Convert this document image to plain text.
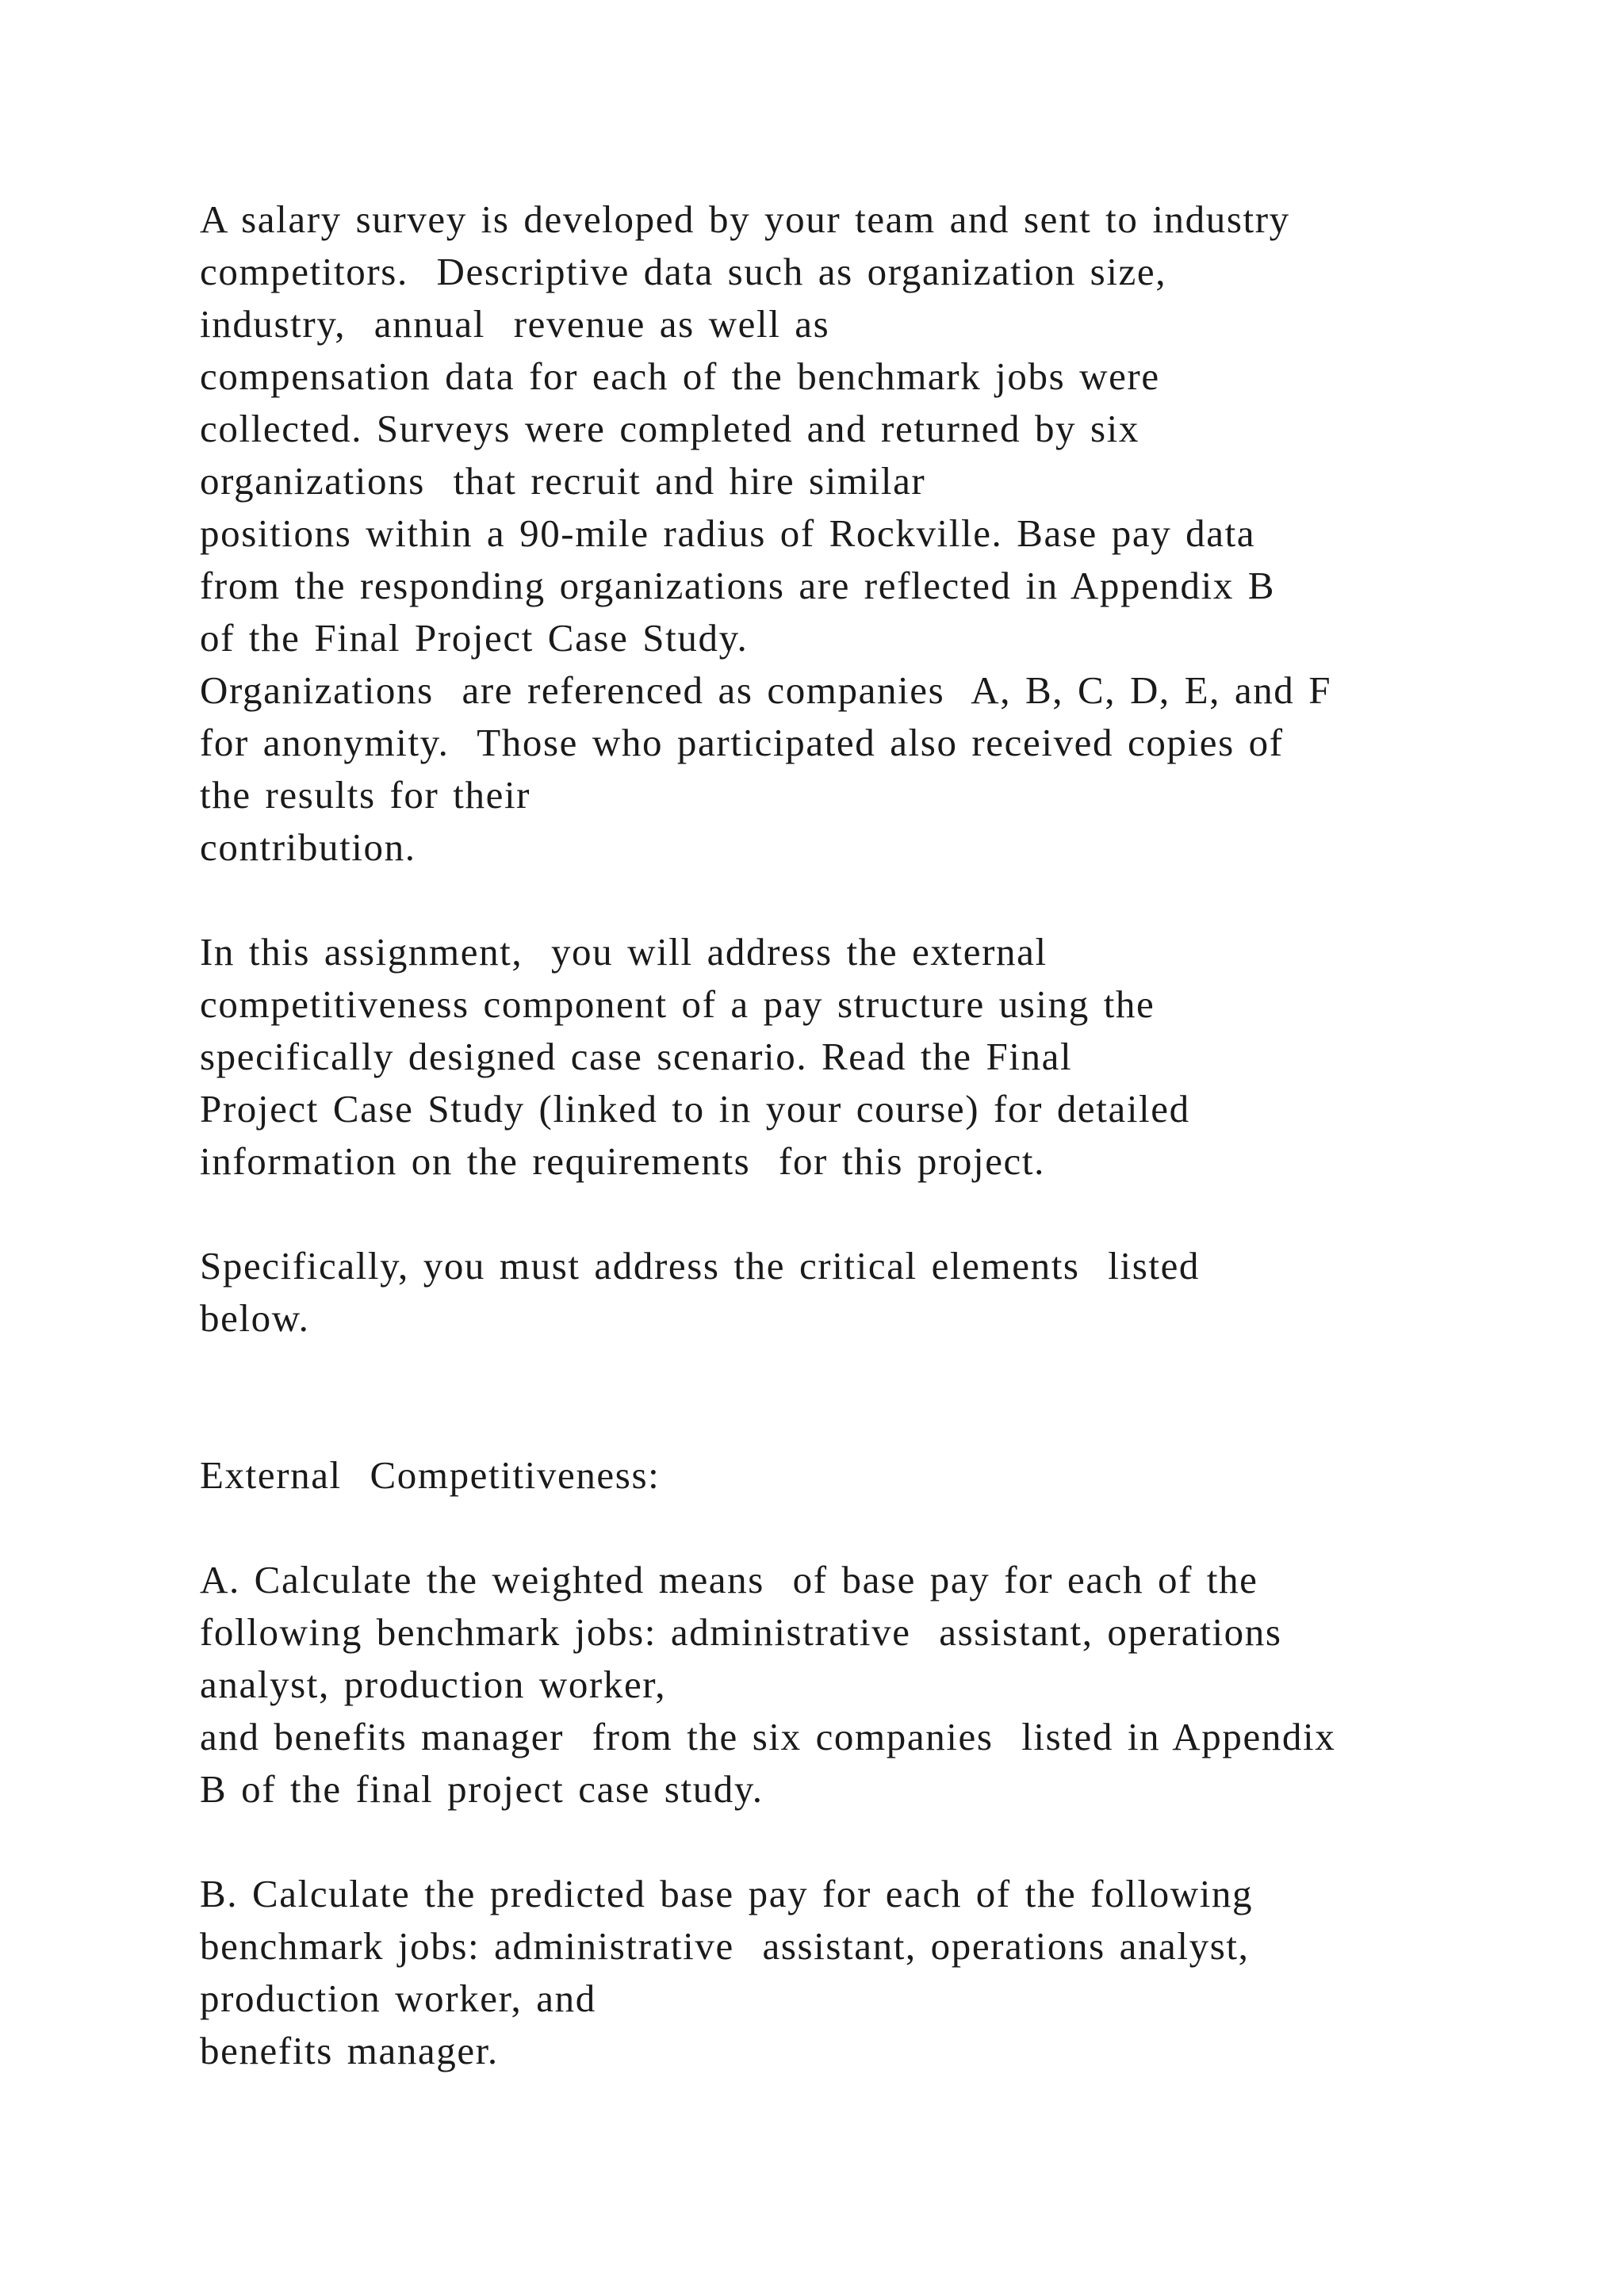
A salary survey is developed by your team and sent to industry
competitors.  Descriptive data such as organization size,
industry,  annual  revenue as well as
compensation data for each of the benchmark jobs were
collected. Surveys were completed and returned by six
organizations  that recruit and hire similar
positions within a 90-mile radius of Rockville. Base pay data
from the responding organizations are reflected in Appendix B
of the Final Project Case Study.
Organizations  are referenced as companies  A, B, C, D, E, and F
for anonymity.  Those who participated also received copies of
the results for their
contribution.
In this assignment,  you will address the external
competitiveness component of a pay structure using the
specifically designed case scenario. Read the Final
Project Case Study (linked to in your course) for detailed
information on the requirements  for this project.
Specifically, you must address the critical elements  listed
below.
External  Competitiveness:
A. Calculate the weighted means  of base pay for each of the
following benchmark jobs: administrative  assistant, operations
analyst, production worker,
and benefits manager  from the six companies  listed in Appendix
B of the final project case study.
B. Calculate the predicted base pay for each of the following
benchmark jobs: administrative  assistant, operations analyst,
production worker, and
benefits manager.
